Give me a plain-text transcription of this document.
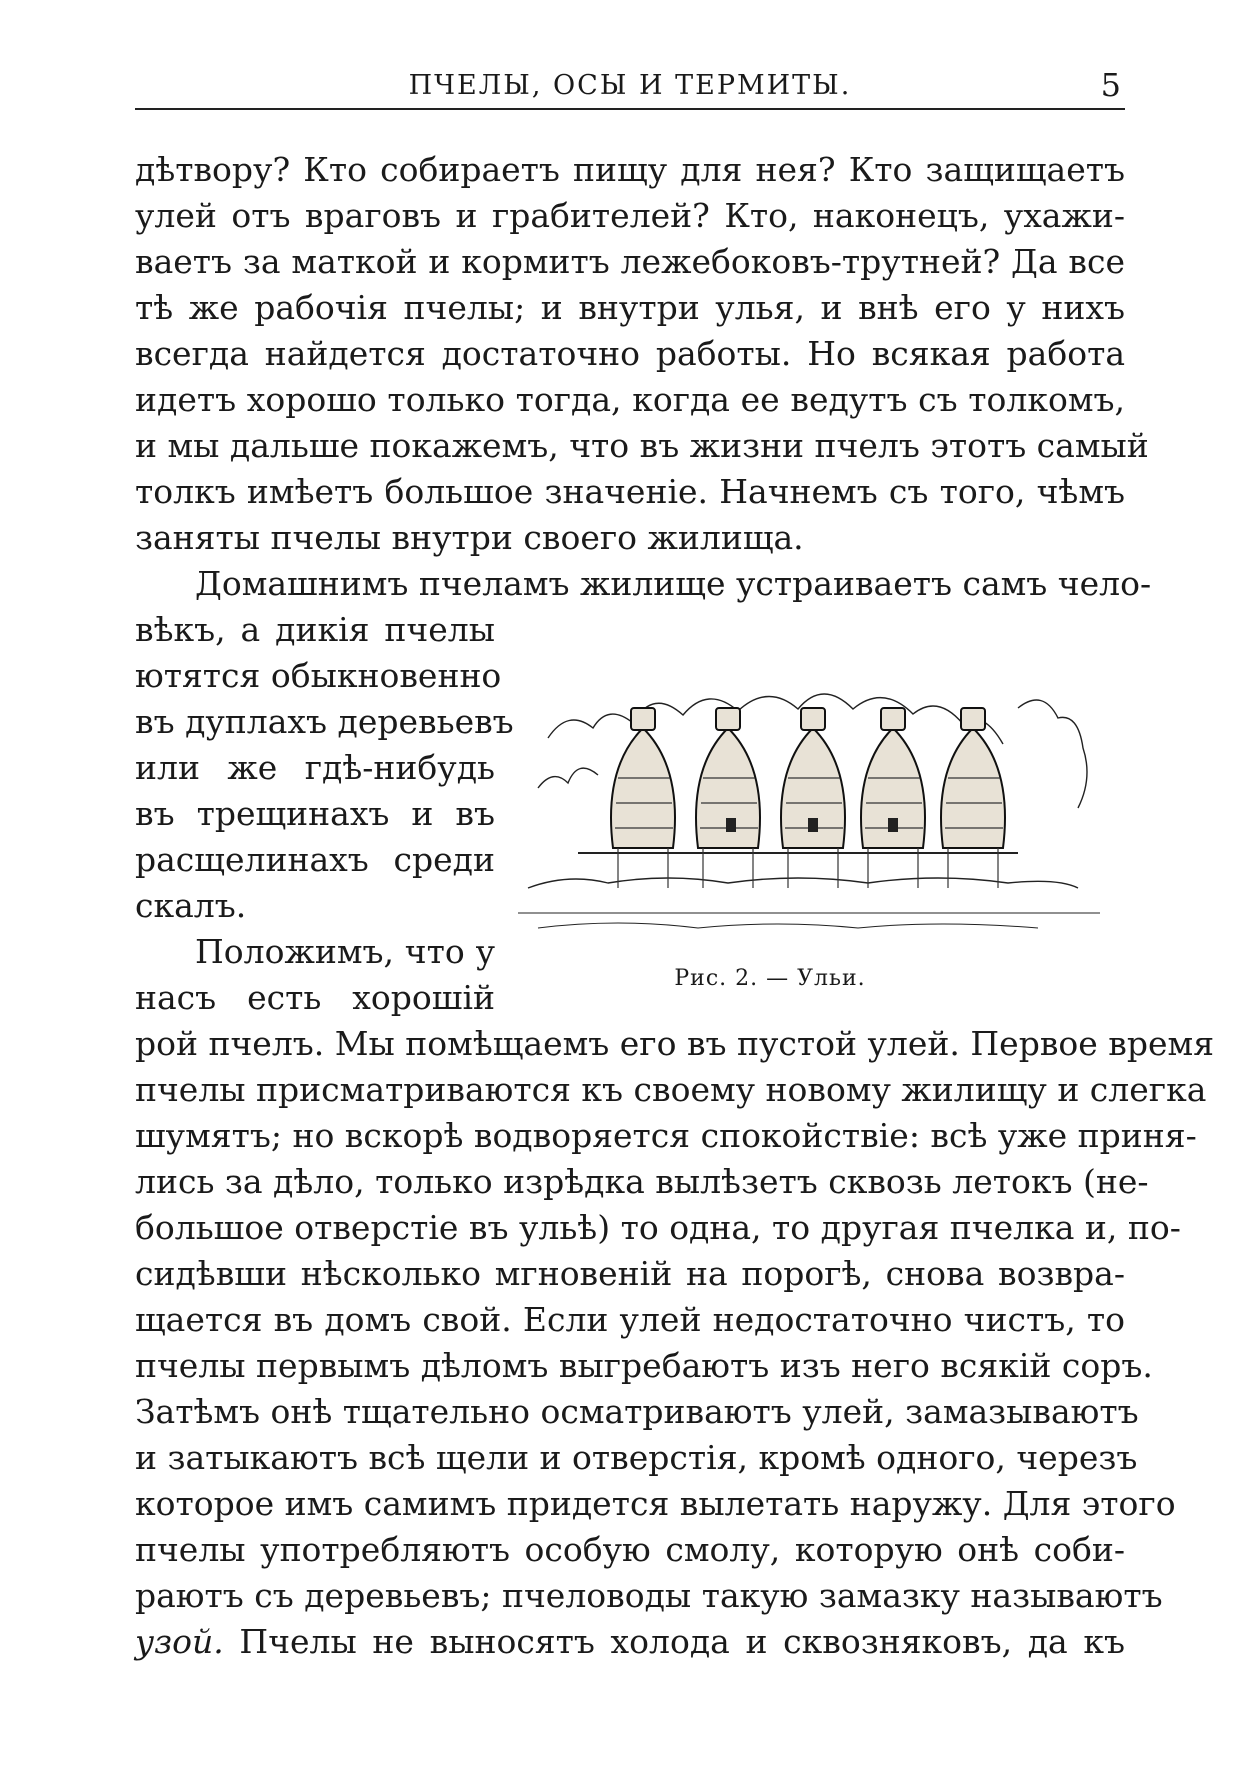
ПЧЕЛЫ, ОСЫ И ТЕРМИТЫ.	5
дѣтвору? Кто собираетъ пищу для нея? Кто защищаетъ
улей отъ враговъ и грабителей? Кто, наконецъ, ухажи-
ваетъ за маткой и кормитъ лежебоковъ-трутней? Да все
тѣ же рабочія пчелы; и внутри улья, и внѣ его у нихъ
всегда найдется достаточно работы. Но всякая работа
идетъ хорошо только тогда, когда ее ведутъ съ толкомъ,
и мы дальше покажемъ, что въ жизни пчелъ этотъ самый
толкъ имѣетъ большое значеніе. Начнемъ съ того, чѣмъ
заняты пчелы внутри своего жилища.
Домашнимъ пчеламъ жилище устраиваетъ самъ чело-
вѣкъ, а дикія пчелы
ютятся обыкновенно
въ дуплахъ деревьевъ
или же гдѣ-нибудь
въ трещинахъ и въ
расщелинахъ среди
скалъ.
Положимъ, что у
насъ есть хорошій	Рис. 2. — Ульи.
рой пчелъ. Мы помѣщаемъ его въ пустой улей. Первое время
пчелы присматриваются къ своему новому жилищу и слегка
шумятъ; но вскорѣ водворяется спокойствіе: всѣ уже приня-
лись за дѣло, только изрѣдка вылѣзетъ сквозь летокъ (не-
большое отверстіе въ ульѣ) то одна, то другая пчелка и, по-
сидѣвши нѣсколько мгновеній на порогѣ, снова возвра-
щается въ домъ свой. Если улей недостаточно чистъ, то
пчелы первымъ дѣломъ выгребаютъ изъ него всякій соръ.
Затѣмъ онѣ тщательно осматриваютъ улей, замазываютъ
и затыкаютъ всѣ щели и отверстія, кромѣ одного, черезъ
которое имъ самимъ придется вылетать наружу. Для этого
пчелы употребляютъ особую смолу, которую онѣ соби-
раютъ съ деревьевъ; пчеловоды такую замазку называютъ
узой. Пчелы не выносятъ холода и сквозняковъ, да къ
